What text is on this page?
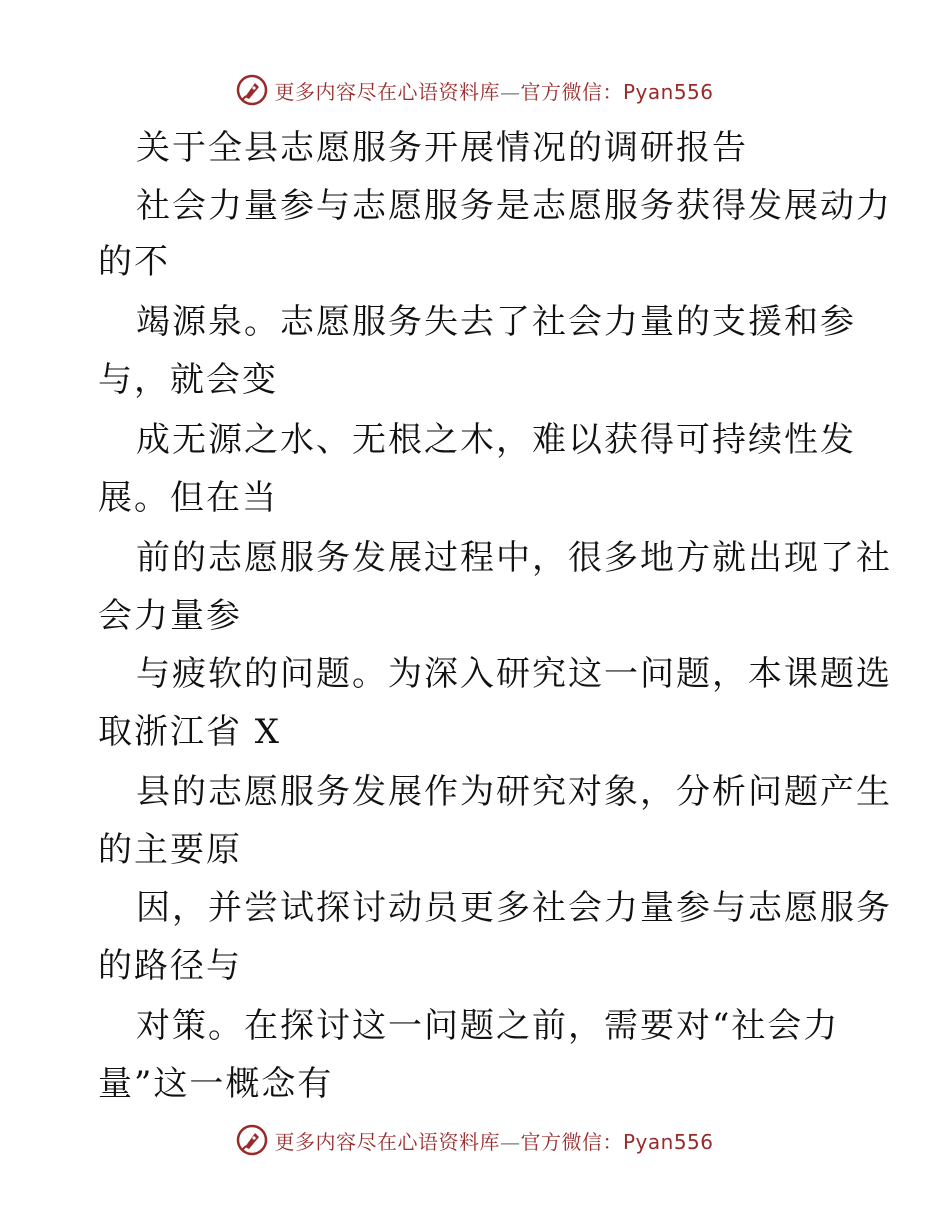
更多内容尽在心语资料库—官方微信：Pyan556
关于全县志愿服务开展情况的调研报告
社会力量参与志愿服务是志愿服务获得发展动力
的不
竭源泉。志愿服务失去了社会力量的支援和参
与，就会变
成无源之水、无根之木，难以获得可持续性发
展。但在当
前的志愿服务发展过程中，很多地方就出现了社
会力量参
与疲软的问题。为深入研究这一问题，本课题选
取浙江省 X
县的志愿服务发展作为研究对象，分析问题产生
的主要原
因，并尝试探讨动员更多社会力量参与志愿服务
的路径与
对策。在探讨这一问题之前，需要对“社会力
量”这一概念有
更多内容尽在心语资料库—官方微信：Pyan556
